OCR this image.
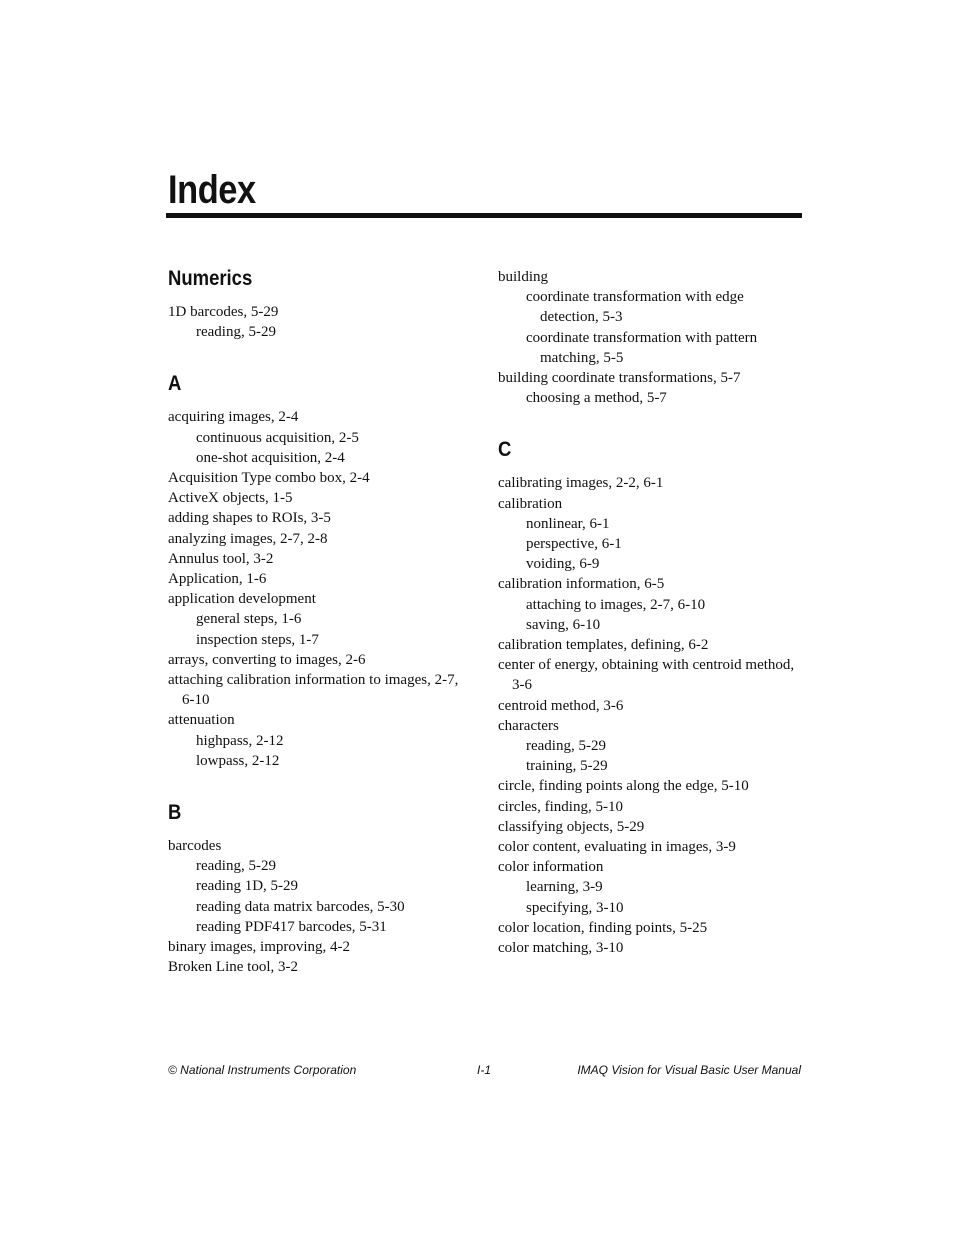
Index
Numerics

1D barcodes, 5-29

reading, 5-29

A

acquiring images, 2-4

continuous acquisition, 2-5

one-shot acquisition, 2-4

Acquisition Type combo box, 2-4

ActiveX objects, 1-5

adding shapes to ROIs, 3-5

analyzing images, 2-7, 2-8

Annulus tool, 3-2

Application, 1-6

application development

general steps, 1-6

inspection steps, 1-7

arrays, converting to images, 2-6

attaching calibration information to images, 2-7, 6-10

attenuation

highpass, 2-12

lowpass, 2-12

B

barcodes

reading, 5-29

reading 1D, 5-29

reading data matrix barcodes, 5-30

reading PDF417 barcodes, 5-31

binary images, improving, 4-2

Broken Line tool, 3-2

building

coordinate transformation with edge detection, 5-3

coordinate transformation with pattern matching, 5-5

building coordinate transformations, 5-7

choosing a method, 5-7

C

calibrating images, 2-2, 6-1

calibration

nonlinear, 6-1

perspective, 6-1

voiding, 6-9

calibration information, 6-5

attaching to images, 2-7, 6-10

saving, 6-10

calibration templates, defining, 6-2

center of energy, obtaining with centroid method, 3-6

centroid method, 3-6

characters

reading, 5-29

training, 5-29

circle, finding points along the edge, 5-10

circles, finding, 5-10

classifying objects, 5-29

color content, evaluating in images, 3-9

color information

learning, 3-9

specifying, 3-10

color location, finding points, 5-25

color matching, 3-10

© National Instruments Corporation	I-1	IMAQ Vision for Visual Basic User Manual
